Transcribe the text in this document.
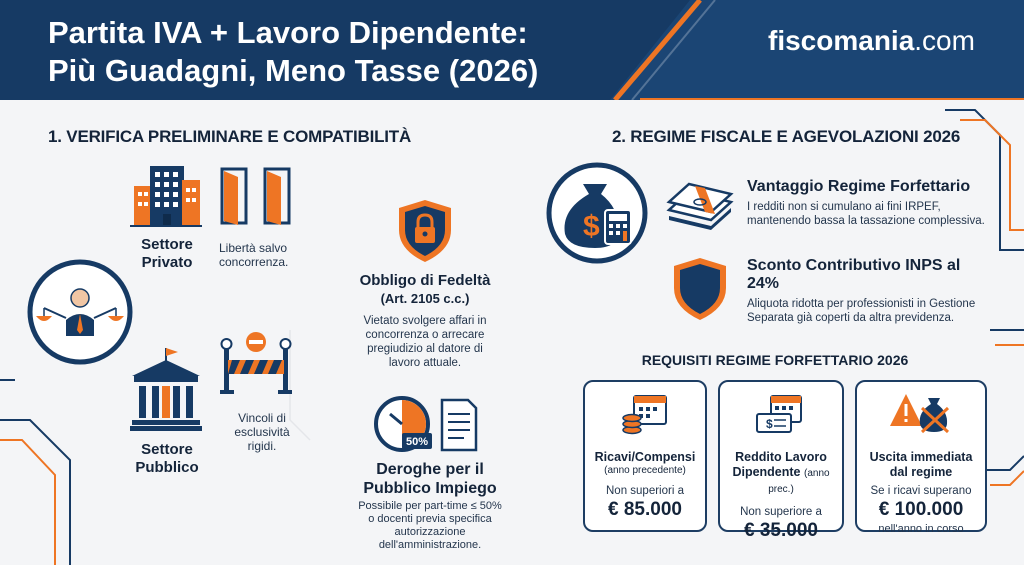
Partita IVA + Lavoro Dipendente:
Più Guadagni, Meno Tasse (2026)
fiscomania.com
1. VERIFICA PRELIMINARE E COMPATIBILITÀ
Settore
Privato
Libertà salvo
concorrenza.
Settore
Pubblico
Vincoli di
esclusività
rigidi.
Obbligo di Fedeltà
(Art. 2105 c.c.)
Vietato svolgere affari in
concorrenza o arrecare
pregiudizio al datore di
lavoro attuale.
50%
Deroghe per il
Pubblico Impiego
Possibile per part-time ≤ 50%
o docenti previa specifica
autorizzazione
dell'amministrazione.
2. REGIME FISCALE E AGEVOLAZIONI 2026
$
Vantaggio Regime Forfettario
I redditi non si cumulano ai fini IRPEF,
mantenendo bassa la tassazione complessiva.
Sconto Contributivo INPS al
24%
Aliquota ridotta per professionisti in Gestione
Separata già coperti da altra previdenza.
REQUISITI REGIME FORFETTARIO 2026
Ricavi/Compensi
(anno precedente)
Non superiori a
€ 85.000
$
Reddito Lavoro
Dipendente (anno prec.)
Non superiore a
€ 35.000
Uscita immediata
dal regime
Se i ricavi superano
€ 100.000
nell'anno in corso
